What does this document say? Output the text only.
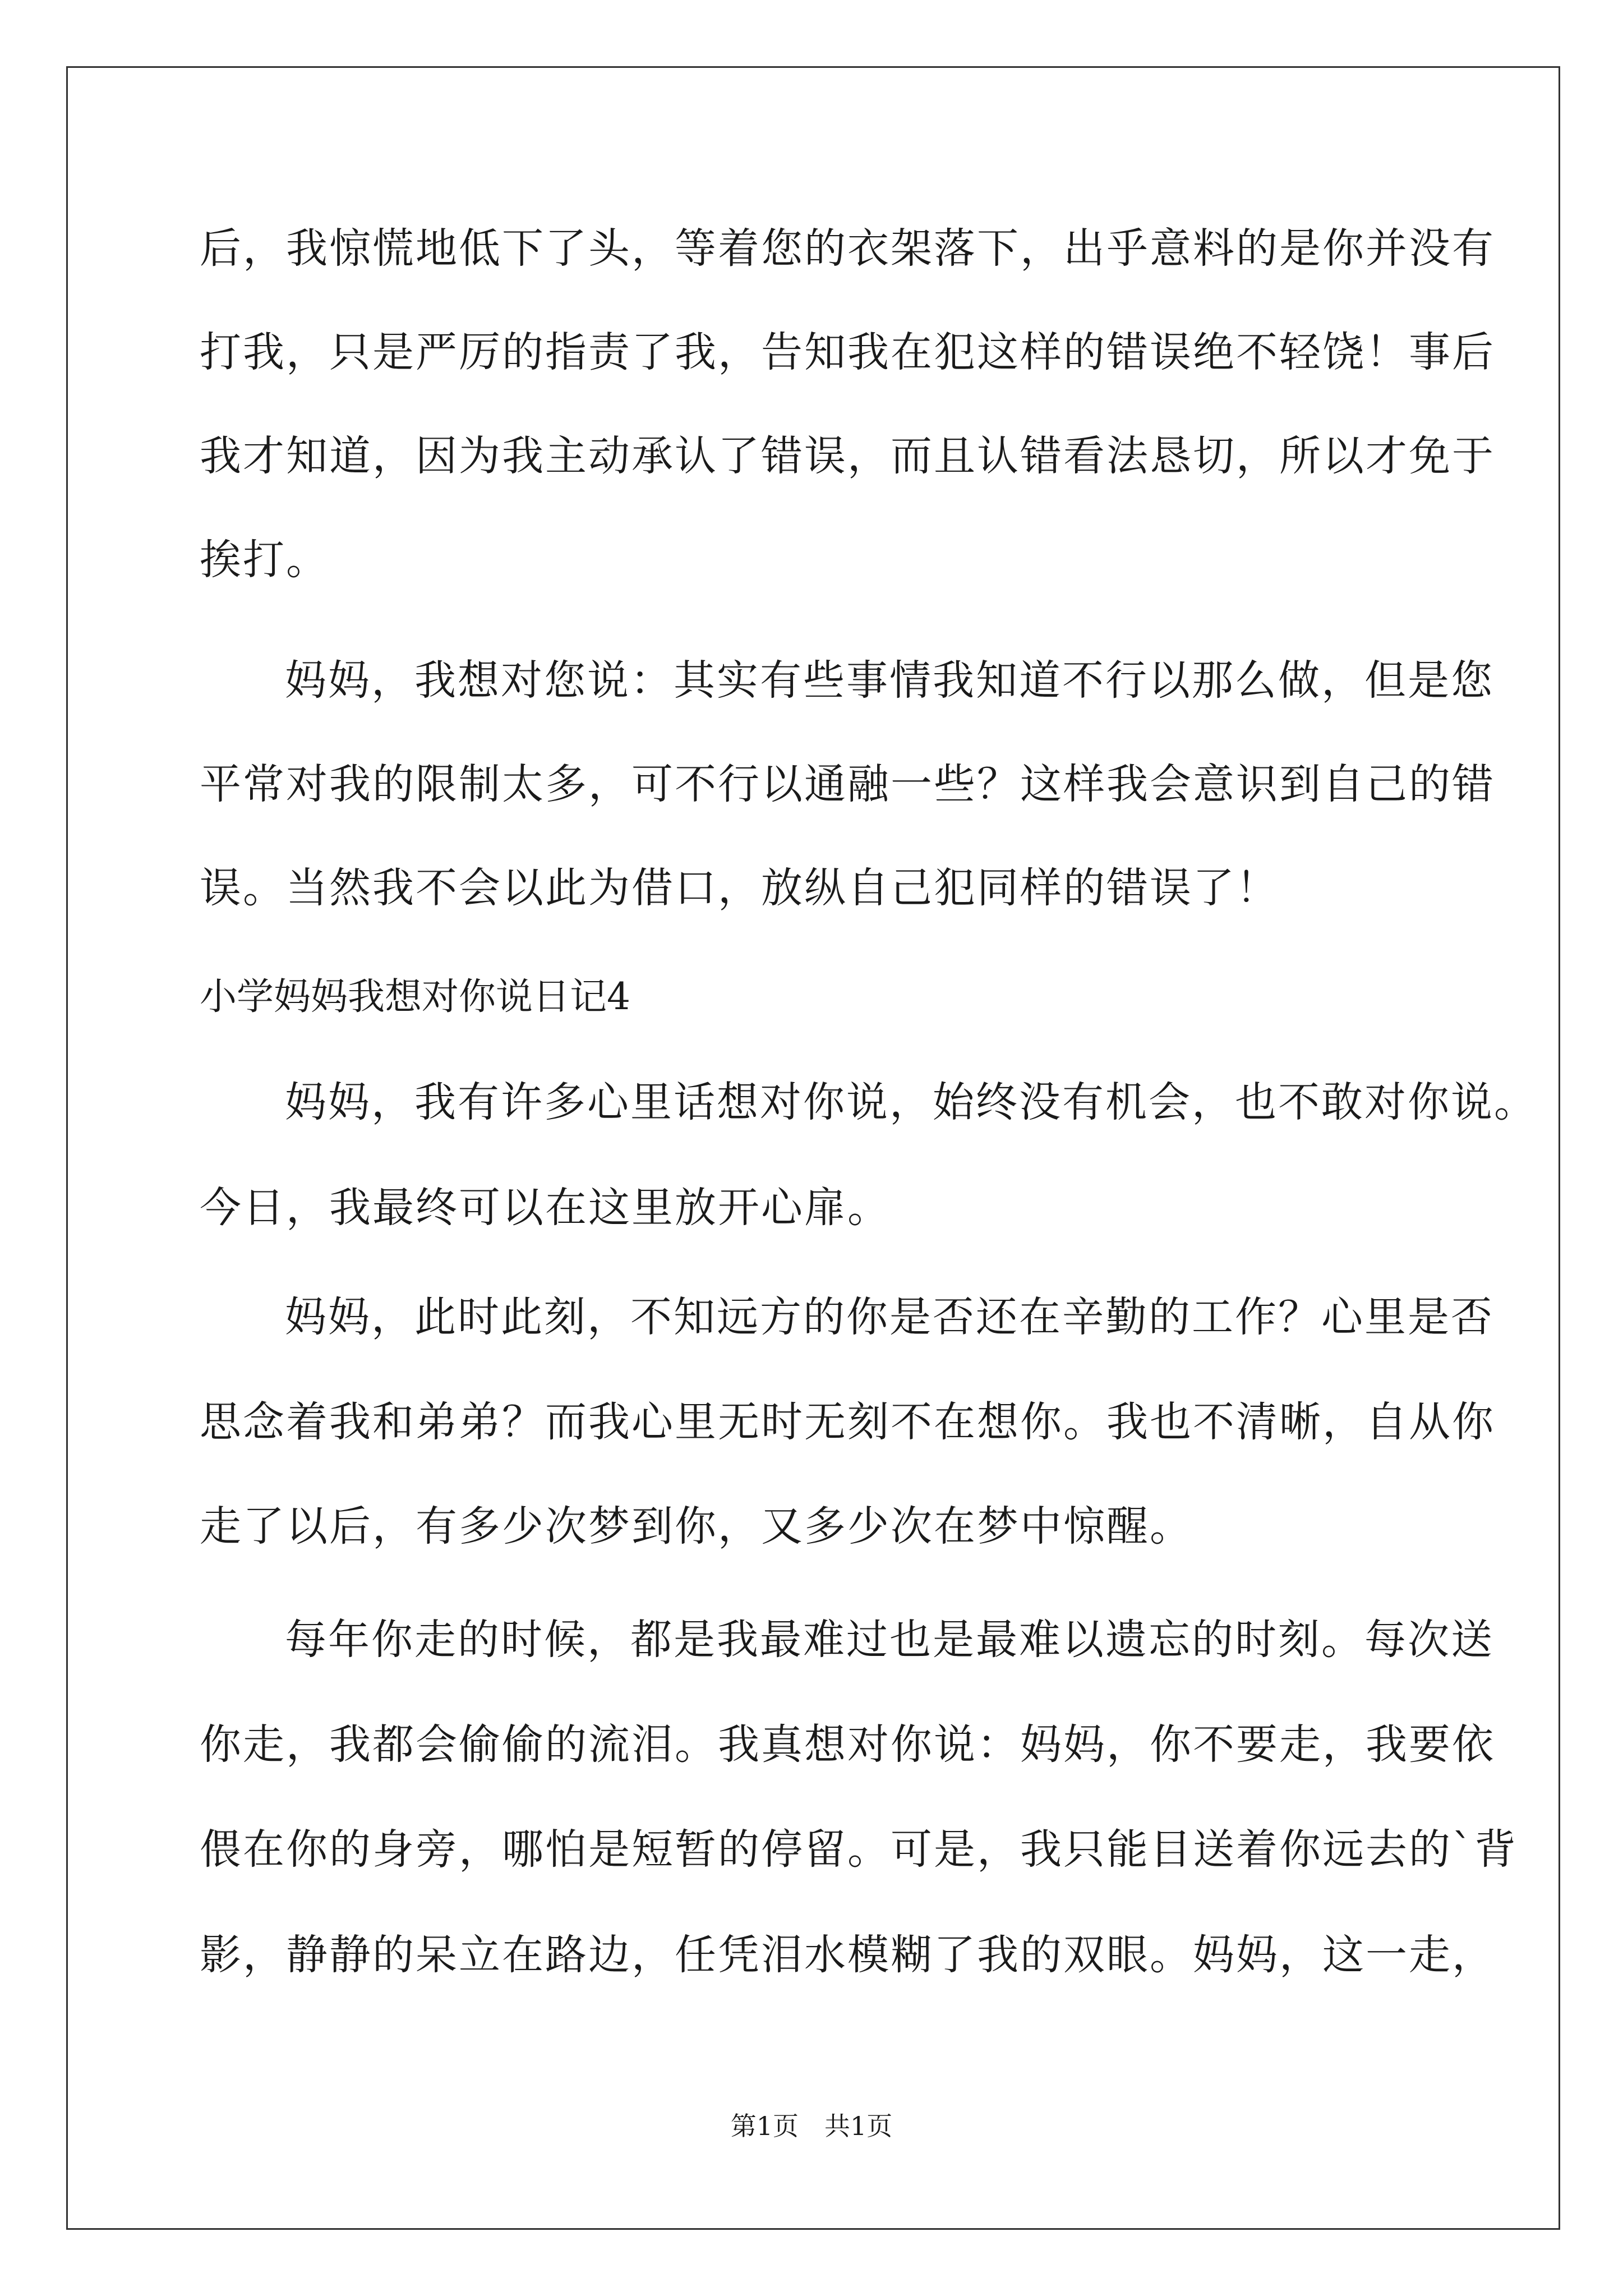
后，我惊慌地低下了头，等着您的衣架落下，出乎意料的是你并没有
打我，只是严厉的指责了我，告知我在犯这样的错误绝不轻饶！事后
我才知道，因为我主动承认了错误，而且认错看法恳切，所以才免于
挨打。
妈妈，我想对您说：其实有些事情我知道不行以那么做，但是您
平常对我的限制太多，可不行以通融一些？这样我会意识到自己的错
误。当然我不会以此为借口，放纵自己犯同样的错误了！
小学妈妈我想对你说日记4
妈妈，我有许多心里话想对你说，始终没有机会，也不敢对你说。
今日，我最终可以在这里放开心扉。
妈妈，此时此刻，不知远方的你是否还在辛勤的工作？心里是否
思念着我和弟弟？而我心里无时无刻不在想你。我也不清晰，自从你
走了以后，有多少次梦到你，又多少次在梦中惊醒。
每年你走的时候，都是我最难过也是最难以遗忘的时刻。每次送
你走，我都会偷偷的流泪。我真想对你说：妈妈，你不要走，我要依
偎在你的身旁，哪怕是短暂的停留。可是，我只能目送着你远去的`背
影，静静的呆立在路边，任凭泪水模糊了我的双眼。妈妈，这一走，
第1页　共1页
